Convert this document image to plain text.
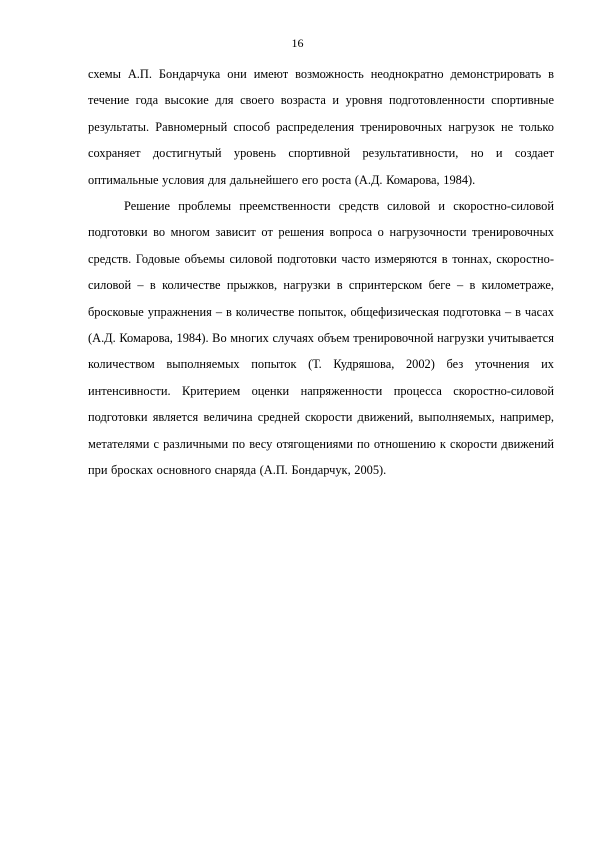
16

схемы А.П. Бондарчука они имеют возможность неоднократно демонстрировать в течение года высокие для своего возраста и уровня подготовленности спортивные результаты. Равномерный способ распределения тренировочных нагрузок не только сохраняет достигнутый уровень спортивной результативности, но и создает оптимальные условия для дальнейшего его роста (А.Д. Комарова, 1984).

Решение проблемы преемственности средств силовой и скоростно-силовой подготовки во многом зависит от решения вопроса о нагрузочности тренировочных средств. Годовые объемы силовой подготовки часто измеряются в тоннах, скоростно-силовой – в количестве прыжков, нагрузки в спринтерском беге – в километраже, бросковые упражнения – в количестве попыток, общефизическая подготовка – в часах (А.Д. Комарова, 1984). Во многих случаях объем тренировочной нагрузки учитывается количеством выполняемых попыток (Т. Кудряшова, 2002) без уточнения их интенсивности. Критерием оценки напряженности процесса скоростно-силовой подготовки является величина средней скорости движений, выполняемых, например, метателями с различными по весу отягощениями по отношению к скорости движений при бросках основного снаряда (А.П. Бондарчук, 2005).
